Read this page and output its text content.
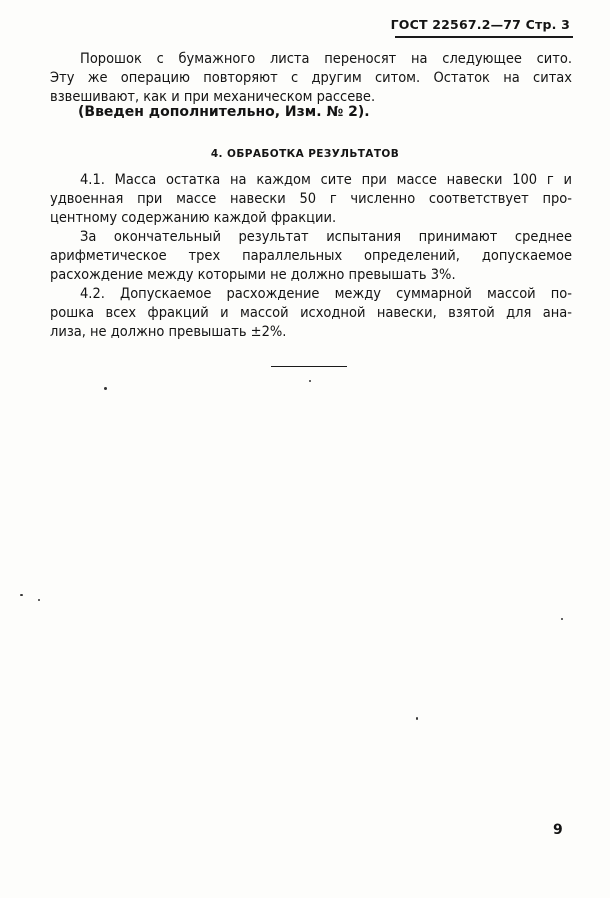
ГОСТ 22567.2—77 Стр. 3
Порошок с бумажного листа переносят на следующее сито.
Эту же операцию повторяют с другим ситом. Остаток на ситах
взвешивают, как и при механическом рассеве.
(Введен дополнительно, Изм. № 2).
4. ОБРАБОТКА РЕЗУЛЬТАТОВ
4.1. Масса остатка на каждом сите при массе навески 100 г и
удвоенная при массе навески 50 г численно соответствует про-
центному содержанию каждой фракции.
За окончательный результат испытания принимают среднее
арифметическое трех параллельных определений, допускаемое
расхождение между которыми не должно превышать 3%.
4.2. Допускаемое расхождение между суммарной массой по-
рошка всех фракций и массой исходной навески, взятой для ана-
лиза, не должно превышать ±2%.
9
